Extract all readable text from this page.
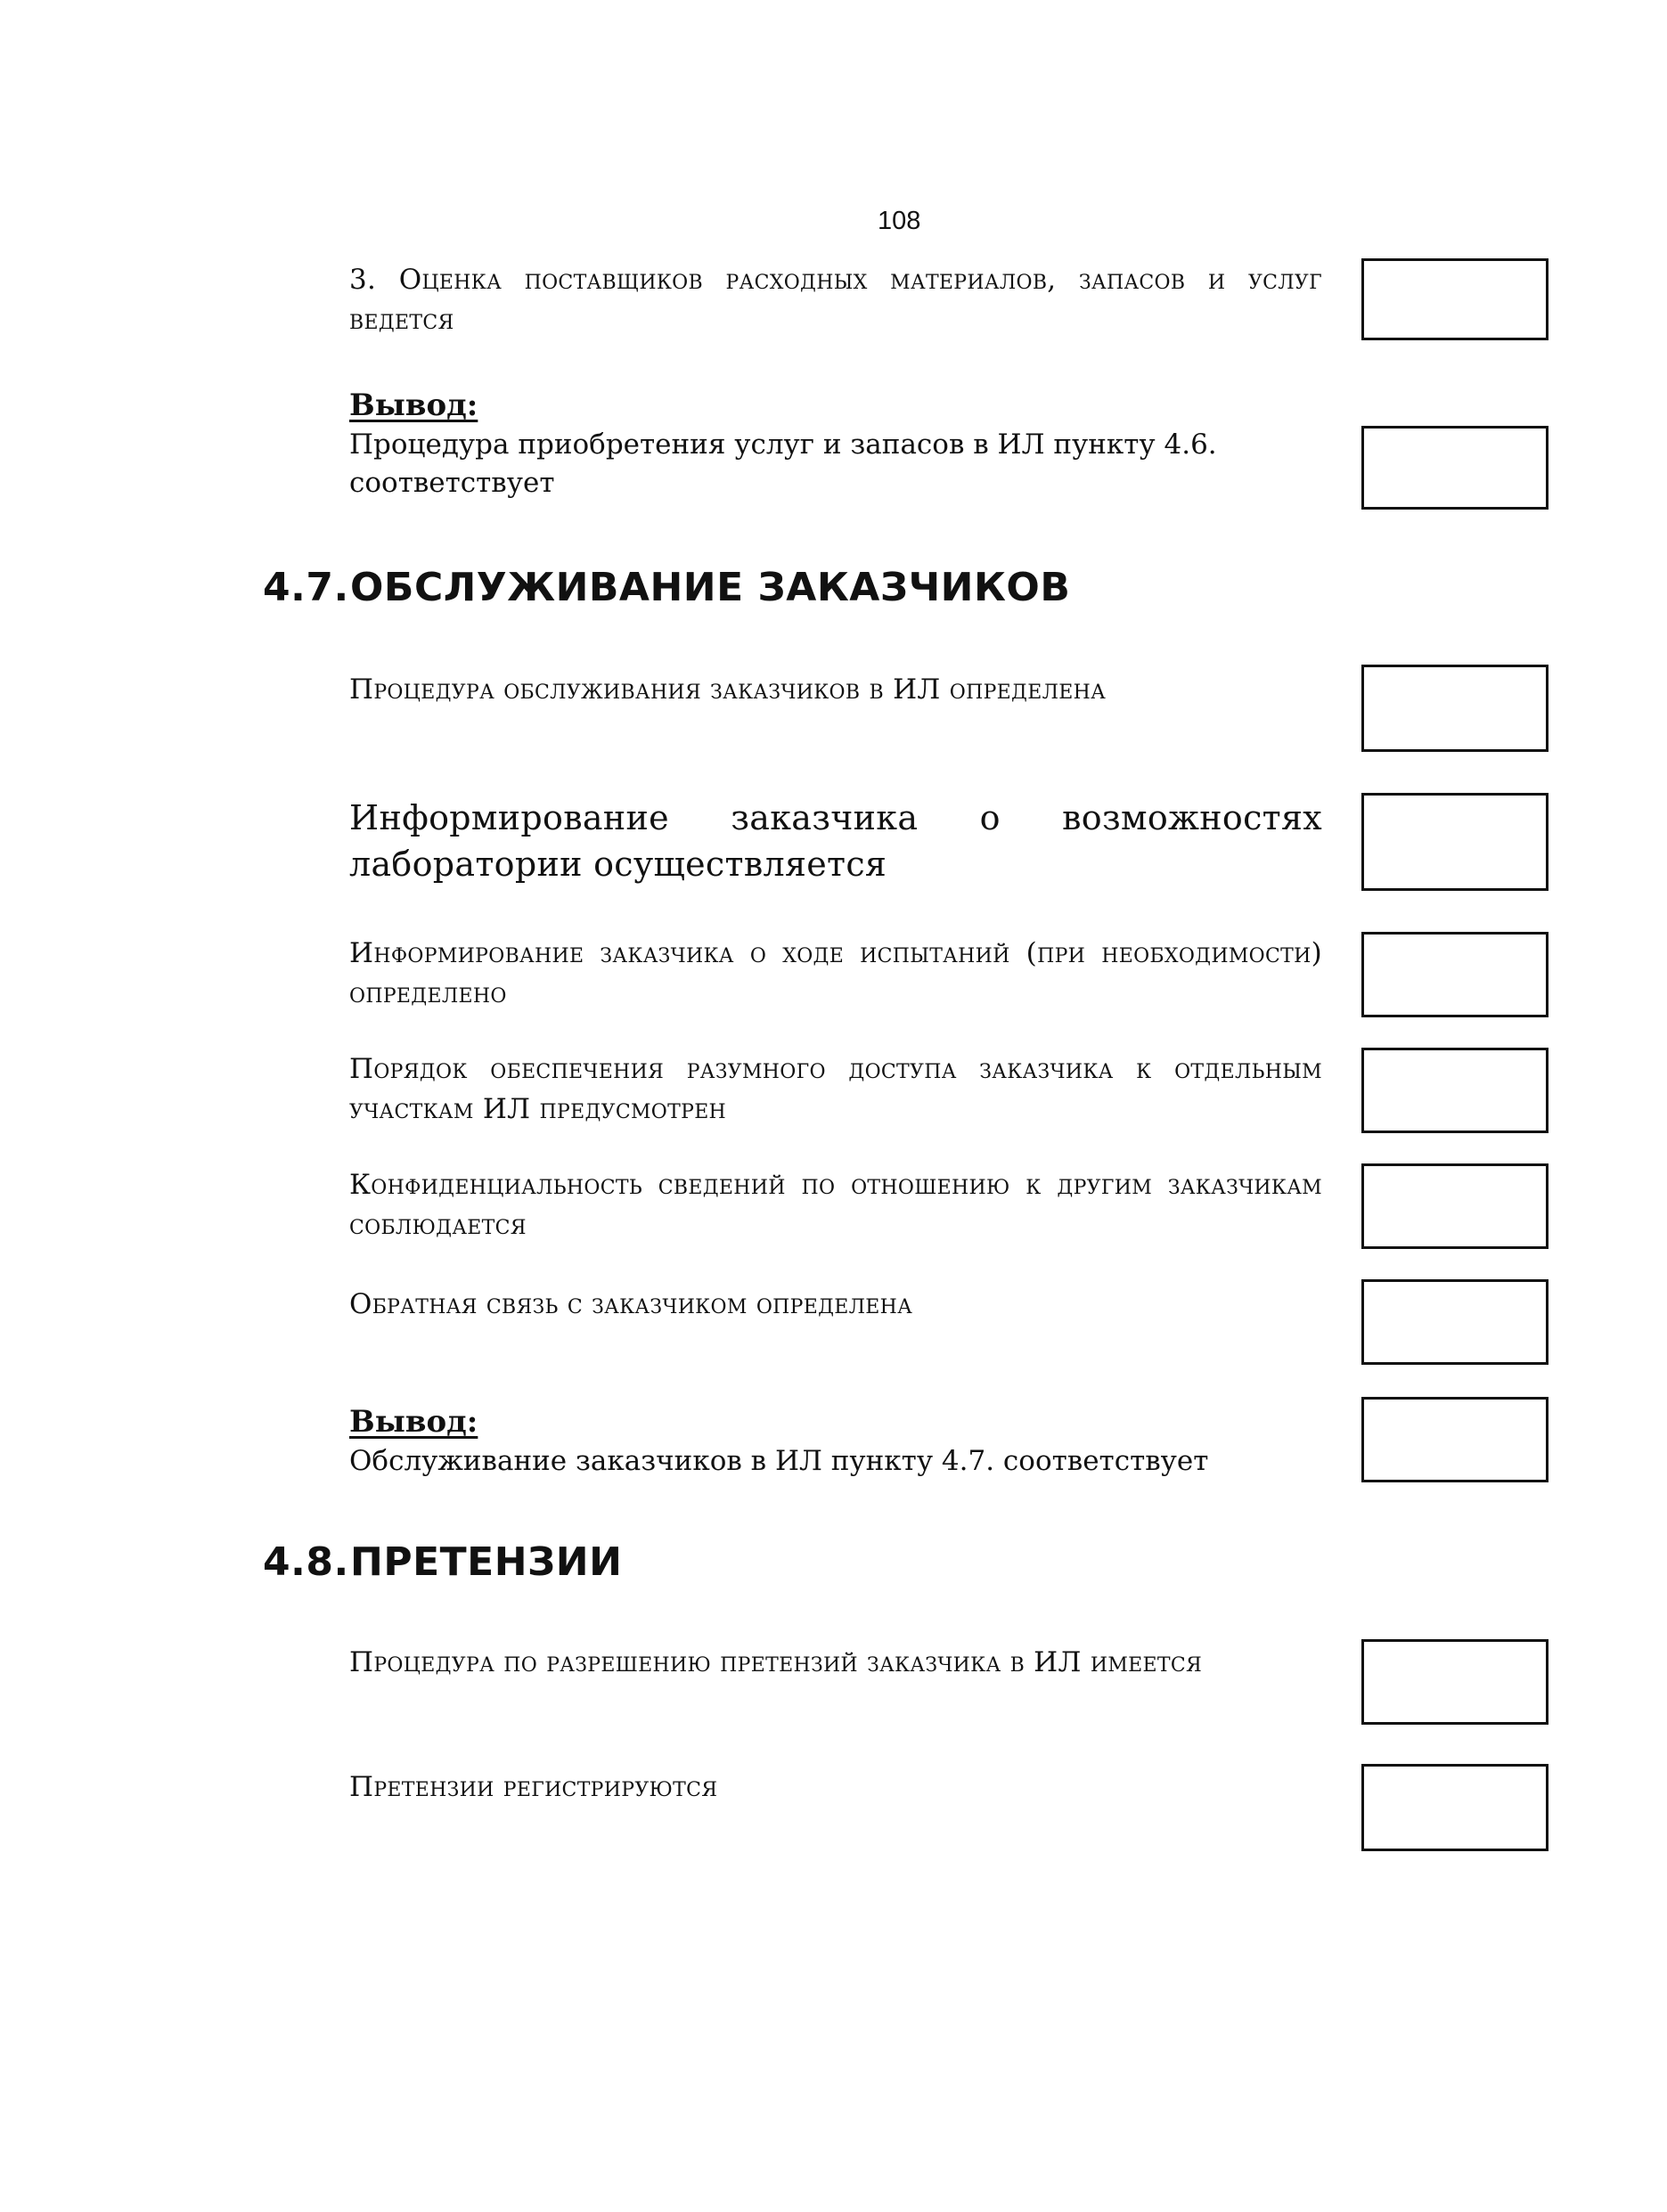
108
3. Оценка поставщиков расходных материалов, запасов и услуг ведется
Вывод:
Процедура приобретения услуг и запасов в ИЛ пункту 4.6. соответствует
4.7.ОБСЛУЖИВАНИЕ ЗАКАЗЧИКОВ
Процедура обслуживания заказчиков в ИЛ определена
Информирование заказчика о возможностях лаборатории осуществляется
Информирование заказчика о ходе испытаний (при необходимости) определено
Порядок обеспечения разумного доступа заказчика к отдельным участкам ИЛ предусмотрен
Конфиденциальность сведений по отношению к другим заказчикам соблюдается
Обратная связь с заказчиком определена
Вывод:
Обслуживание заказчиков в ИЛ пункту 4.7. соответствует
4.8.ПРЕТЕНЗИИ
Процедура по разрешению претензий заказчика в ИЛ имеется
Претензии регистрируются
